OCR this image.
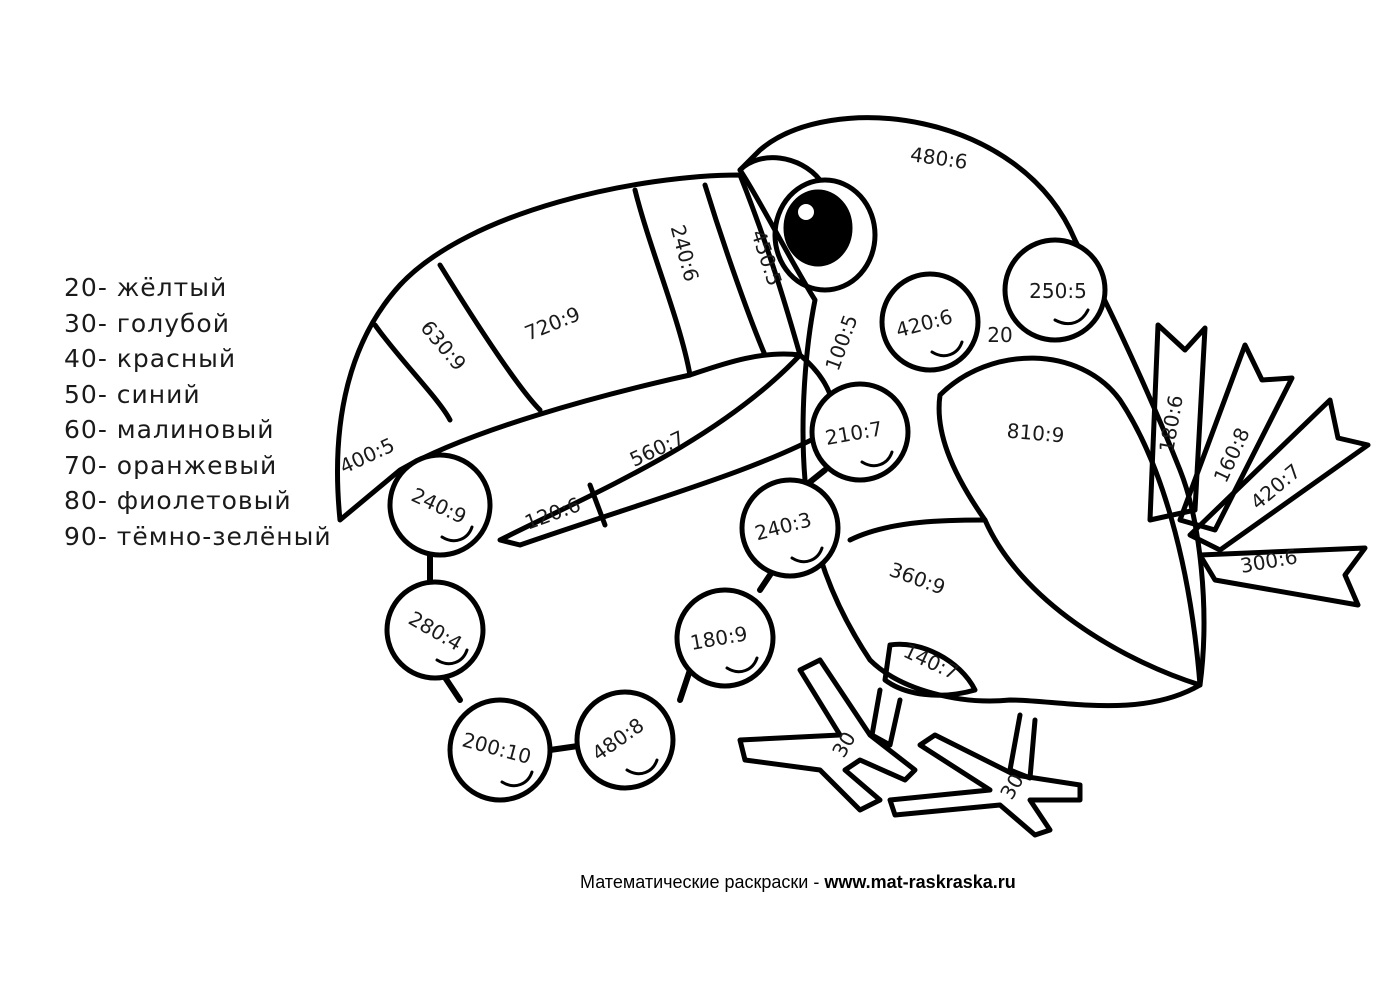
480:6
240:6 450:5
630:9	720:9
400:5	560:7
120:6
100:5	20
810:9
360:9
140:7
30
30
180:6
160:8
420:7
300:6
250:5
420:6
210:7
240:3
180:9
480:8
200:10
280:4
240:9
20- жёлтый
30- голубой
40- красный
50- синий
60- малиновый
70- оранжевый
80- фиолетовый
90- тёмно-зелёный
Математические раскраски - www.mat-raskraska.ru
